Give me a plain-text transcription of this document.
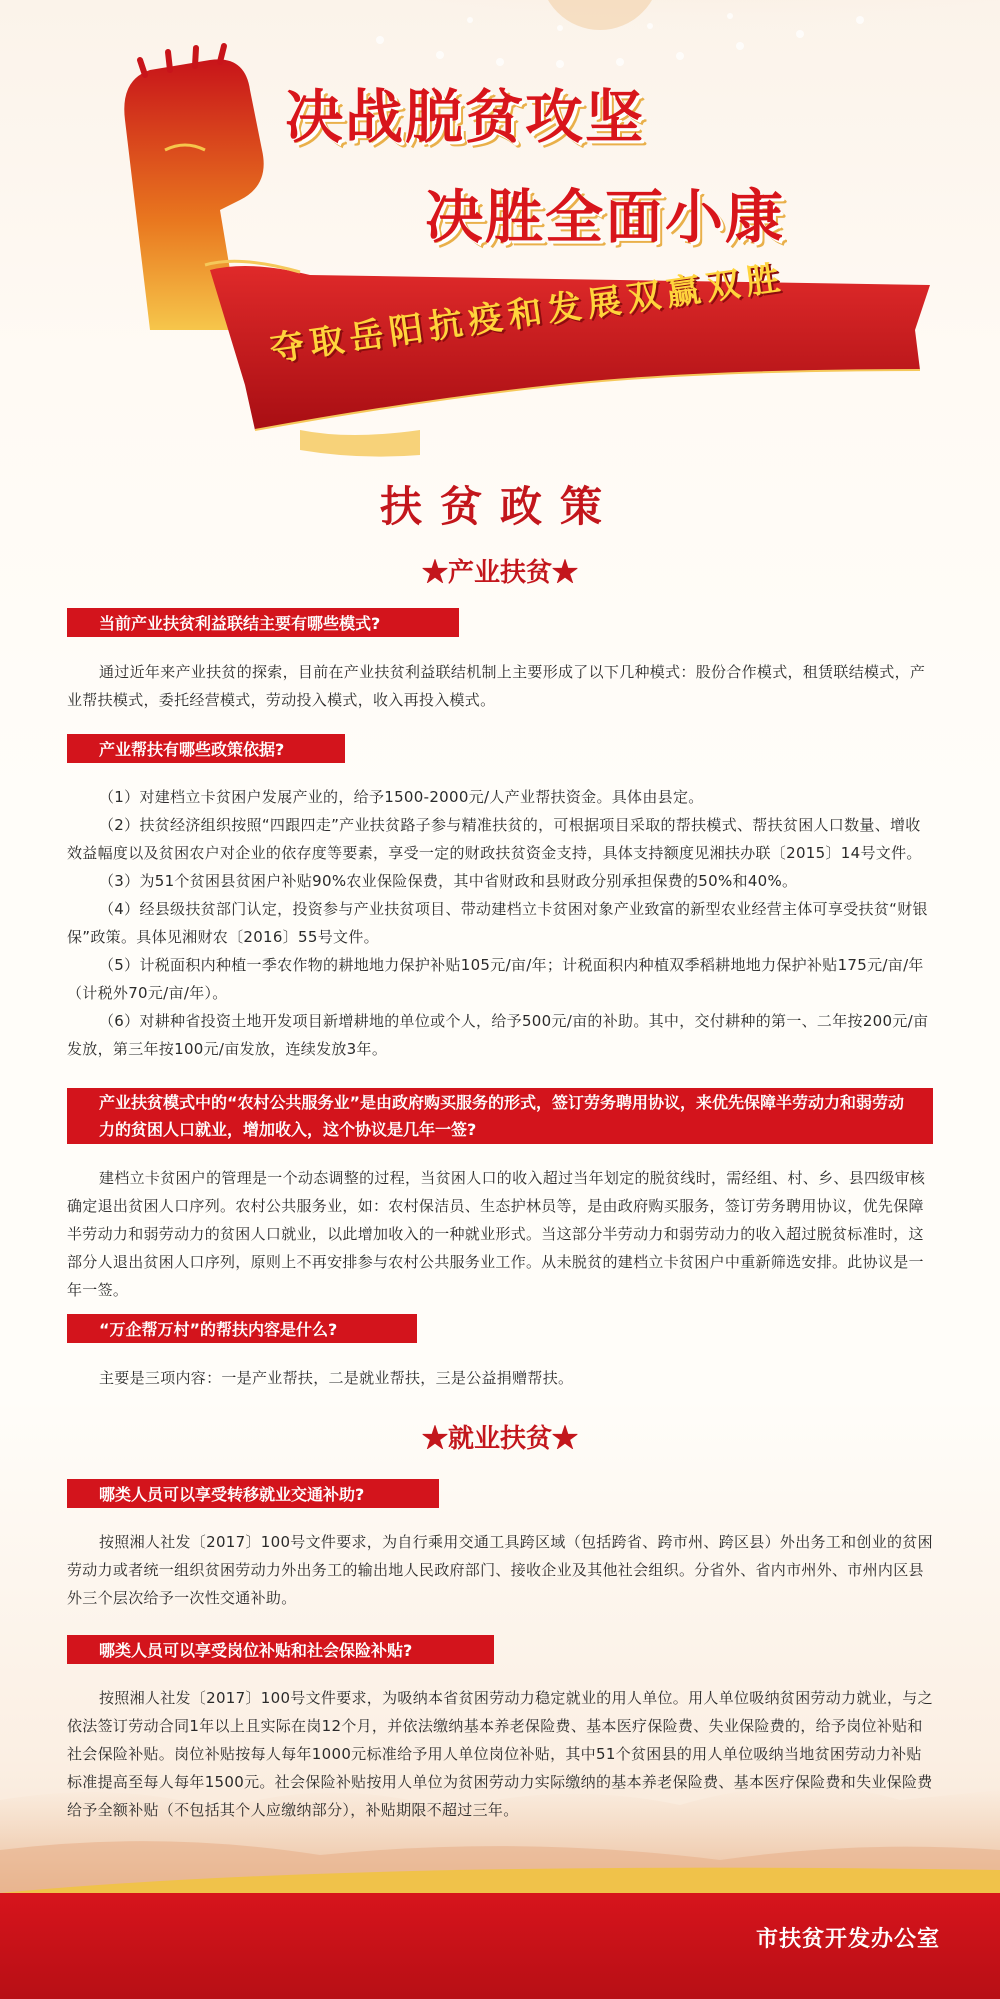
决战脱贫攻坚
决胜全面小康
夺取岳阳抗疫和发展双赢双胜
扶贫政策
★产业扶贫★
当前产业扶贫利益联结主要有哪些模式?

通过近年来产业扶贫的探索，目前在产业扶贫利益联结机制上主要形成了以下几种模式：股份合作模式，租赁联结模式，产业帮扶模式，委托经营模式，劳动投入模式，收入再投入模式。

产业帮扶有哪些政策依据?

（1）对建档立卡贫困户发展产业的，给予1500-2000元/人产业帮扶资金。具体由县定。

（2）扶贫经济组织按照“四跟四走”产业扶贫路子参与精准扶贫的，可根据项目采取的帮扶模式、帮扶贫困人口数量、增收效益幅度以及贫困农户对企业的依存度等要素，享受一定的财政扶贫资金支持，具体支持额度见湘扶办联〔2015〕14号文件。

（3）为51个贫困县贫困户补贴90%农业保险保费，其中省财政和县财政分别承担保费的50%和40%。

（4）经县级扶贫部门认定，投资参与产业扶贫项目、带动建档立卡贫困对象产业致富的新型农业经营主体可享受扶贫“财银保”政策。具体见湘财农〔2016〕55号文件。

（5）计税面积内种植一季农作物的耕地地力保护补贴105元/亩/年；计税面积内种植双季稻耕地地力保护补贴175元/亩/年（计税外70元/亩/年）。

（6）对耕种省投资土地开发项目新增耕地的单位或个人，给予500元/亩的补助。其中，交付耕种的第一、二年按200元/亩发放，第三年按100元/亩发放，连续发放3年。

产业扶贫模式中的“农村公共服务业”是由政府购买服务的形式，签订劳务聘用协议，来优先保障半劳动力和弱劳动力的贫困人口就业，增加收入，这个协议是几年一签?

建档立卡贫困户的管理是一个动态调整的过程，当贫困人口的收入超过当年划定的脱贫线时，需经组、村、乡、县四级审核确定退出贫困人口序列。农村公共服务业，如：农村保洁员、生态护林员等，是由政府购买服务，签订劳务聘用协议，优先保障半劳动力和弱劳动力的贫困人口就业，以此增加收入的一种就业形式。当这部分半劳动力和弱劳动力的收入超过脱贫标准时，这部分人退出贫困人口序列，原则上不再安排参与农村公共服务业工作。从未脱贫的建档立卡贫困户中重新筛选安排。此协议是一年一签。

“万企帮万村”的帮扶内容是什么?

主要是三项内容：一是产业帮扶，二是就业帮扶，三是公益捐赠帮扶。

★就业扶贫★
哪类人员可以享受转移就业交通补助?

按照湘人社发〔2017〕100号文件要求，为自行乘用交通工具跨区域（包括跨省、跨市州、跨区县）外出务工和创业的贫困劳动力或者统一组织贫困劳动力外出务工的输出地人民政府部门、接收企业及其他社会组织。分省外、省内市州外、市州内区县外三个层次给予一次性交通补助。

哪类人员可以享受岗位补贴和社会保险补贴?

按照湘人社发〔2017〕100号文件要求，为吸纳本省贫困劳动力稳定就业的用人单位。用人单位吸纳贫困劳动力就业，与之依法签订劳动合同1年以上且实际在岗12个月，并依法缴纳基本养老保险费、基本医疗保险费、失业保险费的，给予岗位补贴和社会保险补贴。岗位补贴按每人每年1000元标准给予用人单位岗位补贴，其中51个贫困县的用人单位吸纳当地贫困劳动力补贴标准提高至每人每年1500元。社会保险补贴按用人单位为贫困劳动力实际缴纳的基本养老保险费、基本医疗保险费和失业保险费给予全额补贴（不包括其个人应缴纳部分），补贴期限不超过三年。

市扶贫开发办公室
